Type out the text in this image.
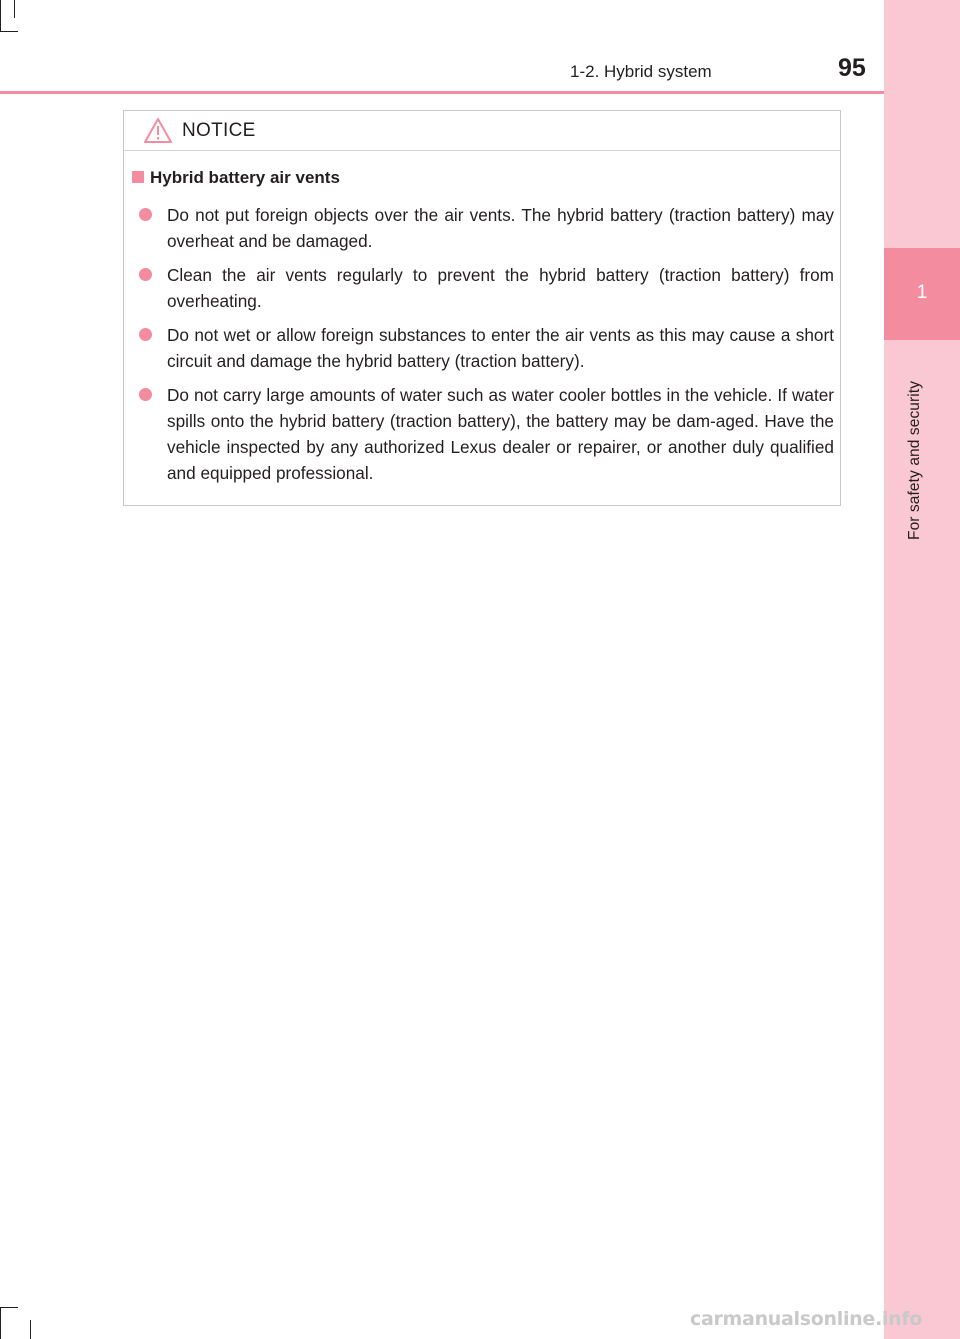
1
For safety and security
1-2. Hybrid system	95
NOTICE
Hybrid battery air vents
Do not put foreign objects over the air vents. The hybrid battery (traction battery) may overheat and be damaged.
Clean the air vents regularly to prevent the hybrid battery (traction battery) from overheating.
Do not wet or allow foreign substances to enter the air vents as this may cause a short circuit and damage the hybrid battery (traction battery).
Do not carry large amounts of water such as water cooler bottles in the vehicle. If water spills onto the hybrid battery (traction battery), the battery may be dam-aged. Have the vehicle inspected by any authorized Lexus dealer or repairer, or another duly qualified and equipped professional.
carmanualsonline.info
